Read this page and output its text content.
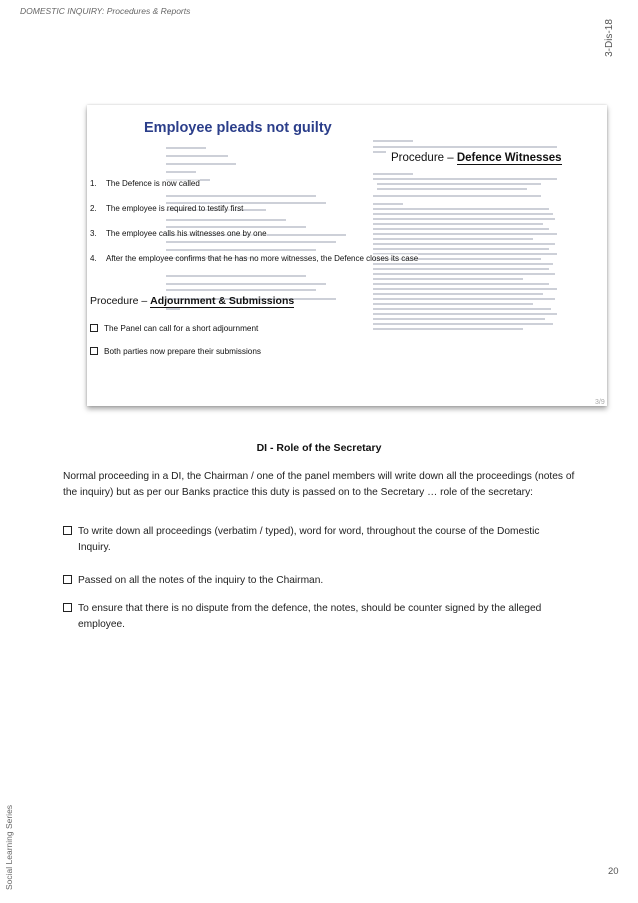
DOMESTIC INQUIRY: Procedures & Reports
3-Dis-18
Social Learning Series	20
Employee pleads not guilty
Procedure – Defence Witnesses
1. The Defence is now called
2. The employee is required to testify first
3. The employee calls his witnesses one by one
4. After the employee confirms that he has no more witnesses, the Defence closes its case
Procedure – Adjournment & Submissions
The Panel can call for a short adjournment
Both parties now prepare their submissions
3/9
DI - Role of the Secretary
Normal proceeding in a DI, the Chairman / one of the panel members will write down all the proceedings (notes of the inquiry) but as per our Banks practice this duty is passed on to the Secretary … role of the secretary:
To write down all proceedings (verbatim / typed), word for word, throughout the course of the Domestic Inquiry.
Passed on all the notes of the inquiry to the Chairman.
To ensure that there is no dispute from the defence, the notes, should be counter signed by the alleged employee.
